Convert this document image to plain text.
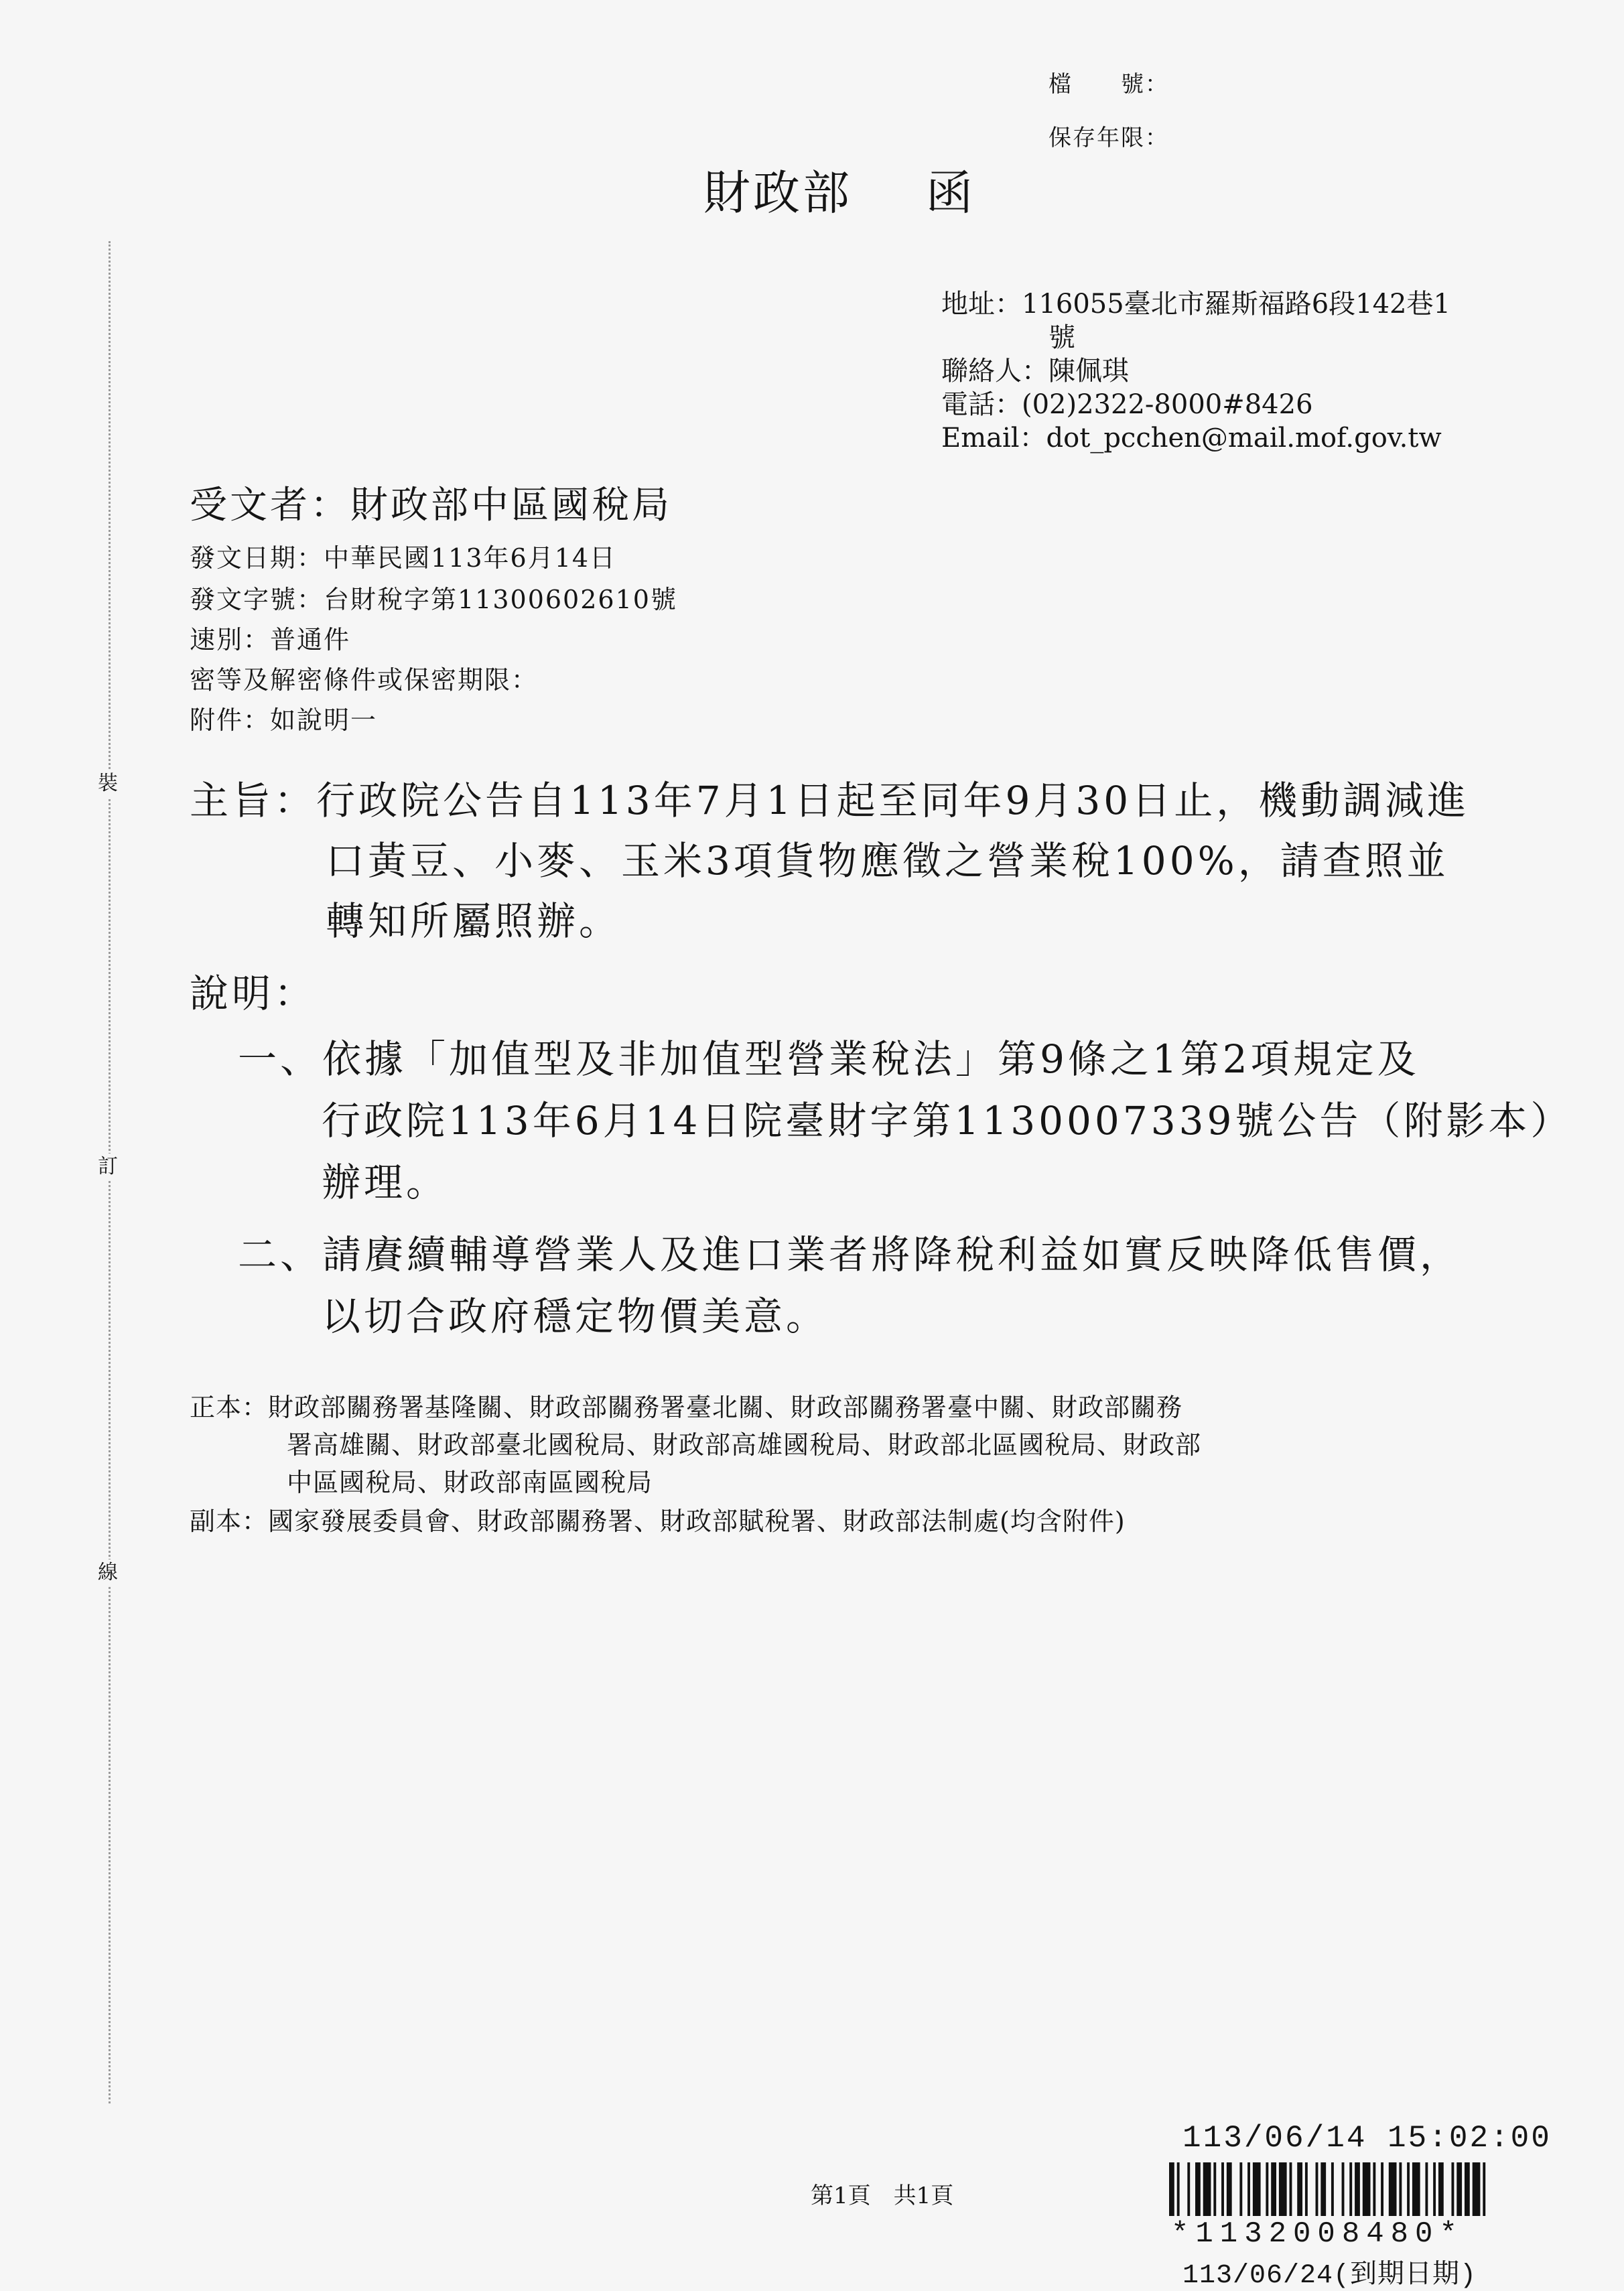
裝
訂
線
檔　　號：
保存年限：
財政部 函
地址：116055臺北市羅斯福路6段142巷1
號
聯絡人：陳佩琪
電話：(02)2322-8000#8426
Email：dot_pcchen@mail.mof.gov.tw
受文者：財政部中區國稅局
發文日期：中華民國113年6月14日
發文字號：台財稅字第11300602610號
速別：普通件
密等及解密條件或保密期限：
附件：如說明一
主旨：行政院公告自113年7月1日起至同年9月30日止，機動調減進
口黃豆、小麥、玉米3項貨物應徵之營業稅100%，請查照並
轉知所屬照辦。
說明：
一、依據「加值型及非加值型營業稅法」第9條之1第2項規定及
行政院113年6月14日院臺財字第1130007339號公告（附影本）
辦理。
二、請賡續輔導營業人及進口業者將降稅利益如實反映降低售價，
以切合政府穩定物價美意。
正本：財政部關務署基隆關、財政部關務署臺北關、財政部關務署臺中關、財政部關務
署高雄關、財政部臺北國稅局、財政部高雄國稅局、財政部北區國稅局、財政部
中區國稅局、財政部南區國稅局
副本：國家發展委員會、財政部關務署、財政部賦稅署、財政部法制處(均含附件)
113/06/14 15:02:00
第1頁　共1頁
*1132008480*
113/06/24(到期日期)
